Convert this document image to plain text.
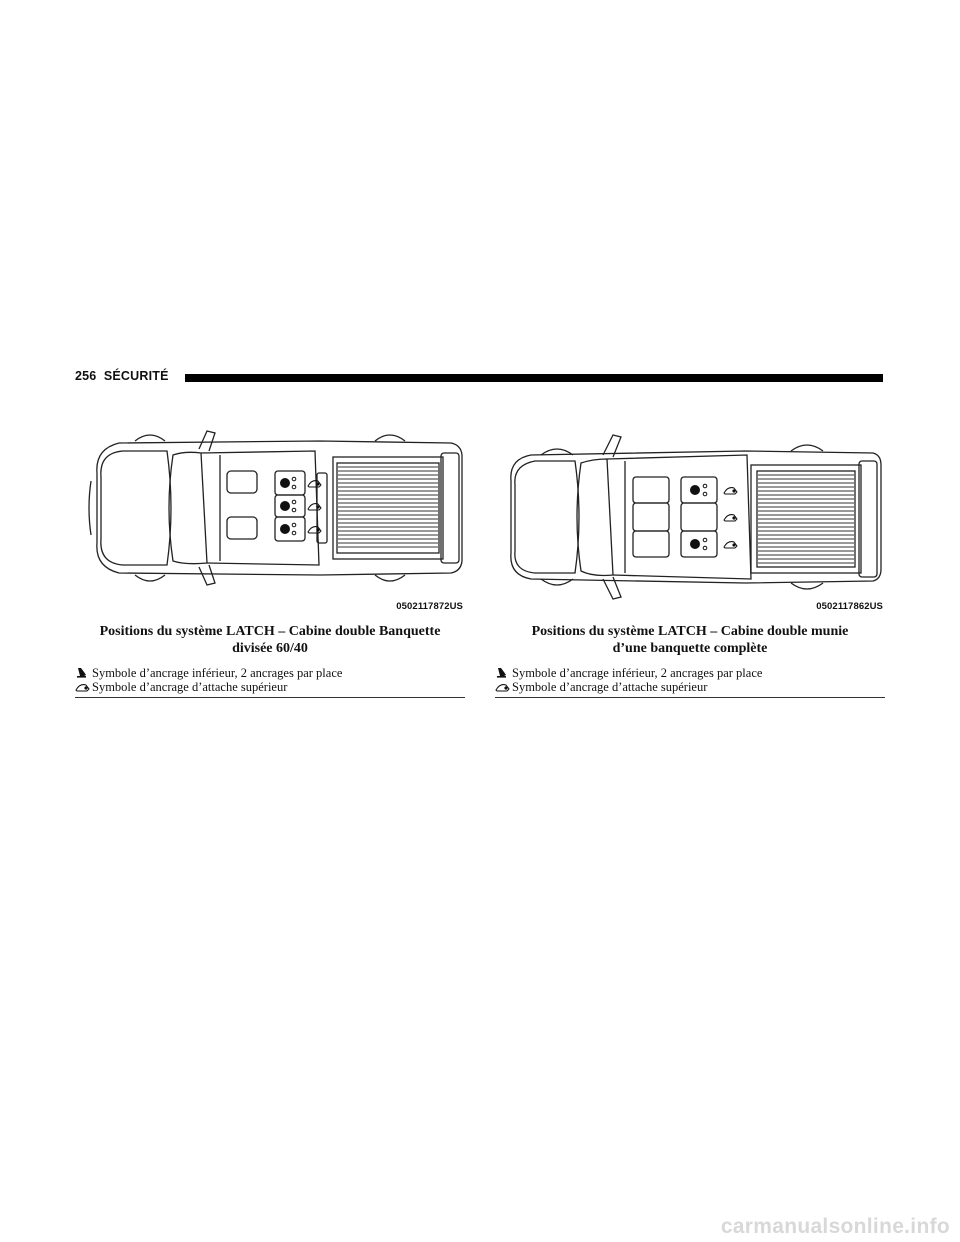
256 SÉCURITÉ
0502117872US
Positions du système LATCH – Cabine double Banquette
divisée 60/40
Symbole d’ancrage inférieur, 2 ancrages par place
Symbole d’ancrage d’attache supérieur
0502117862US
Positions du système LATCH – Cabine double munie
d’une banquette complète
Symbole d’ancrage inférieur, 2 ancrages par place
Symbole d’ancrage d’attache supérieur
carmanualsonline.info
